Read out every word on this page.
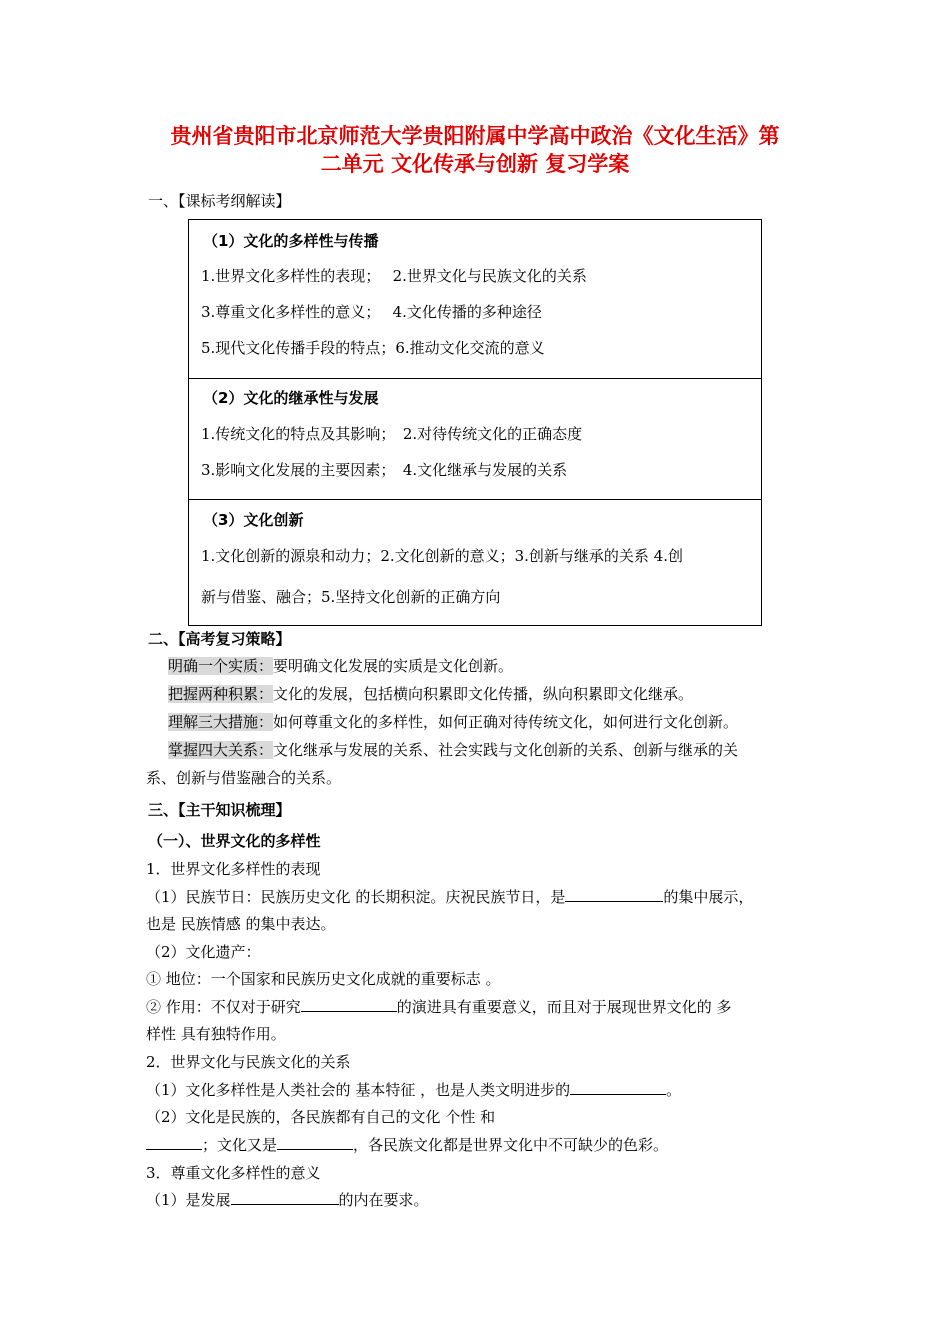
贵州省贵阳市北京师范大学贵阳附属中学高中政治《文化生活》第
二单元 文化传承与创新 复习学案
一、【课标考纲解读】
（1）文化的多样性与传播
1.世界文化多样性的表现；　 2.世界文化与民族文化的关系
3.尊重文化多样性的意义；　 4.文化传播的多种途径
5.现代文化传播手段的特点；6.推动文化交流的意义
（2）文化的继承性与发展
1.传统文化的特点及其影响；　2.对待传统文化的正确态度
3.影响文化发展的主要因素；　4.文化继承与发展的关系
（3）文化创新
1.文化创新的源泉和动力；2.文化创新的意义；3.创新与继承的关系 4.创
新与借鉴、融合；5.坚持文化创新的正确方向
二、【高考复习策略】
明确一个实质：要明确文化发展的实质是文化创新。
把握两种积累：文化的发展，包括横向积累即文化传播，纵向积累即文化继承。
理解三大措施：如何尊重文化的多样性，如何正确对待传统文化，如何进行文化创新。
掌握四大关系：文化继承与发展的关系、社会实践与文化创新的关系、创新与继承的关
系、创新与借鉴融合的关系。
三、【主干知识梳理】
（一）、世界文化的多样性
1．世界文化多样性的表现
（1）民族节日：民族历史文化 的长期积淀。庆祝民族节日，是	的集中展示，
也是 民族情感 的集中表达。
（2）文化遗产：
① 地位：一个国家和民族历史文化成就的重要标志 。
② 作用：不仅对于研究	的演进具有重要意义，而且对于展现世界文化的 多
样性 具有独特作用。
2．世界文化与民族文化的关系
（1）文化多样性是人类社会的 基本特征 ，也是人类文明进步的	。
（2）文化是民族的，各民族都有自己的文化 个性 和
；文化又是	，各民族文化都是世界文化中不可缺少的色彩。
3．尊重文化多样性的意义
（1）是发展	的内在要求。
